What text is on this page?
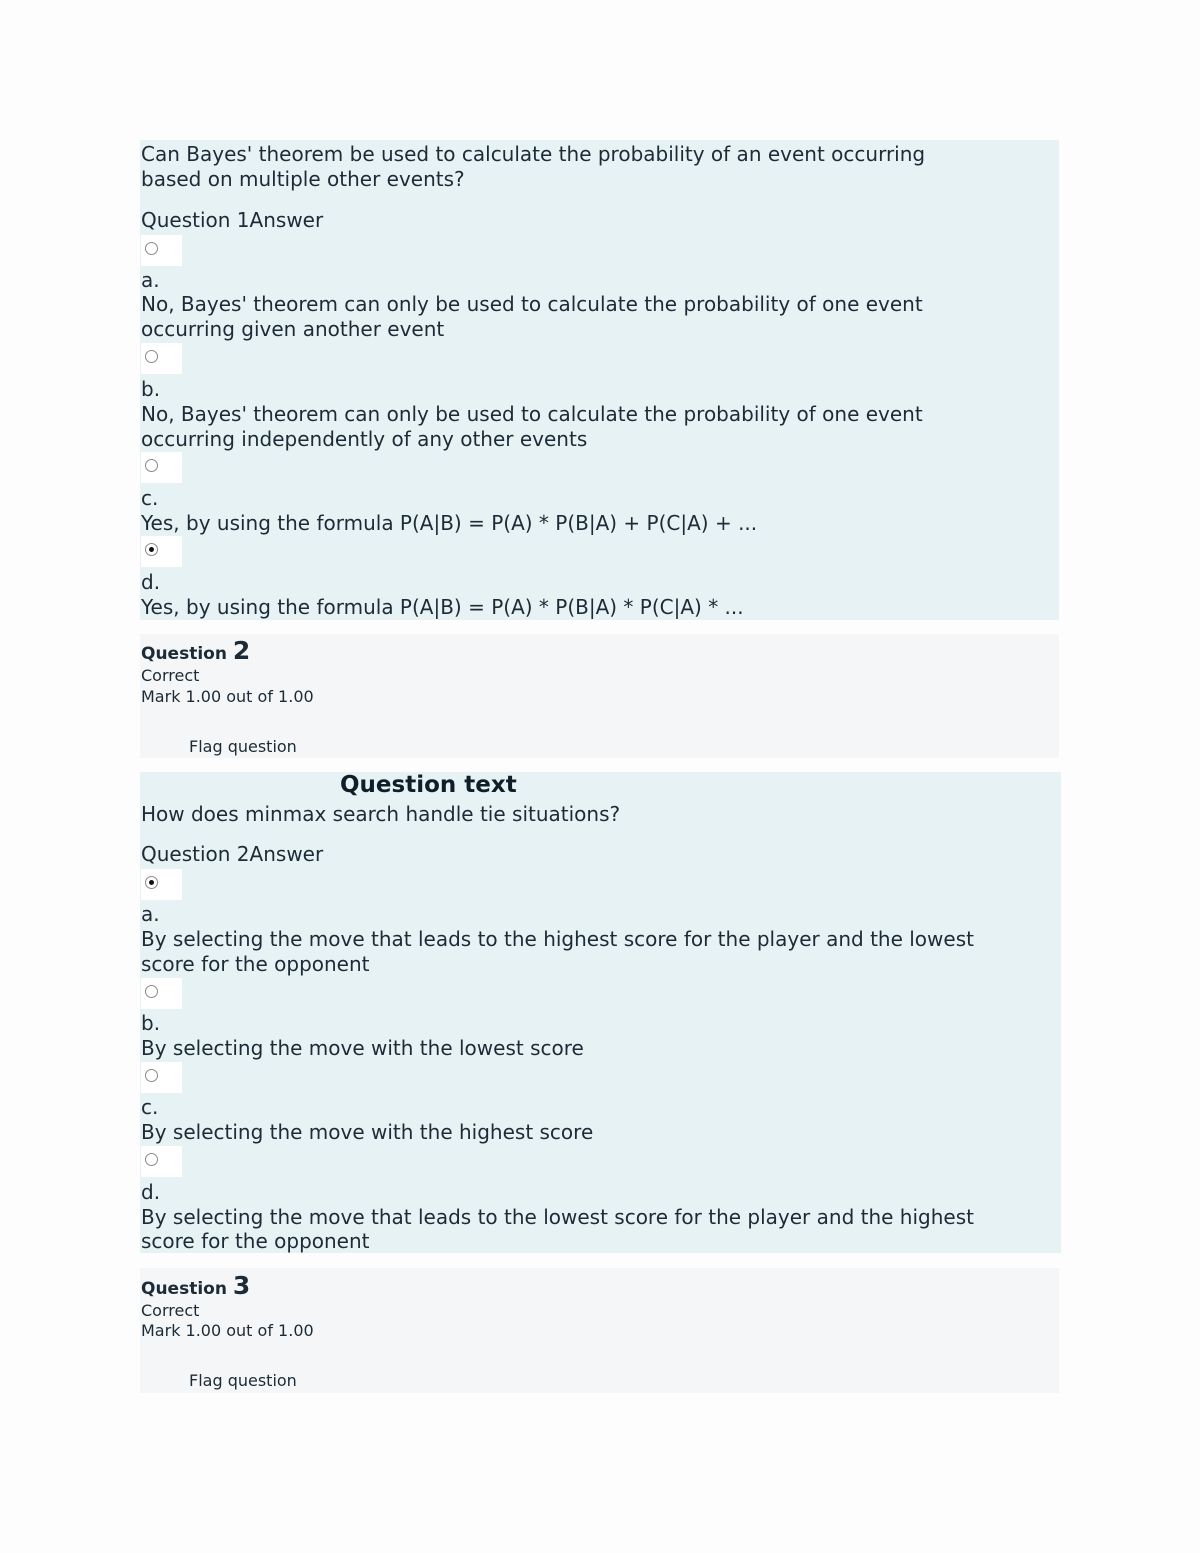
Can Bayes' theorem be used to calculate the probability of an event occurring
based on multiple other events?
Question 1Answer
a.
No, Bayes' theorem can only be used to calculate the probability of one event
occurring given another event
b.
No, Bayes' theorem can only be used to calculate the probability of one event
occurring independently of any other events
c.
Yes, by using the formula P(A|B) = P(A) * P(B|A) + P(C|A) + ...
d.
Yes, by using the formula P(A|B) = P(A) * P(B|A) * P(C|A) * ...
Question 2
Correct
Mark 1.00 out of 1.00
Flag question
Question text
How does minmax search handle tie situations?
Question 2Answer
a.
By selecting the move that leads to the highest score for the player and the lowest
score for the opponent
b.
By selecting the move with the lowest score
c.
By selecting the move with the highest score
d.
By selecting the move that leads to the lowest score for the player and the highest
score for the opponent
Question 3
Correct
Mark 1.00 out of 1.00
Flag question
